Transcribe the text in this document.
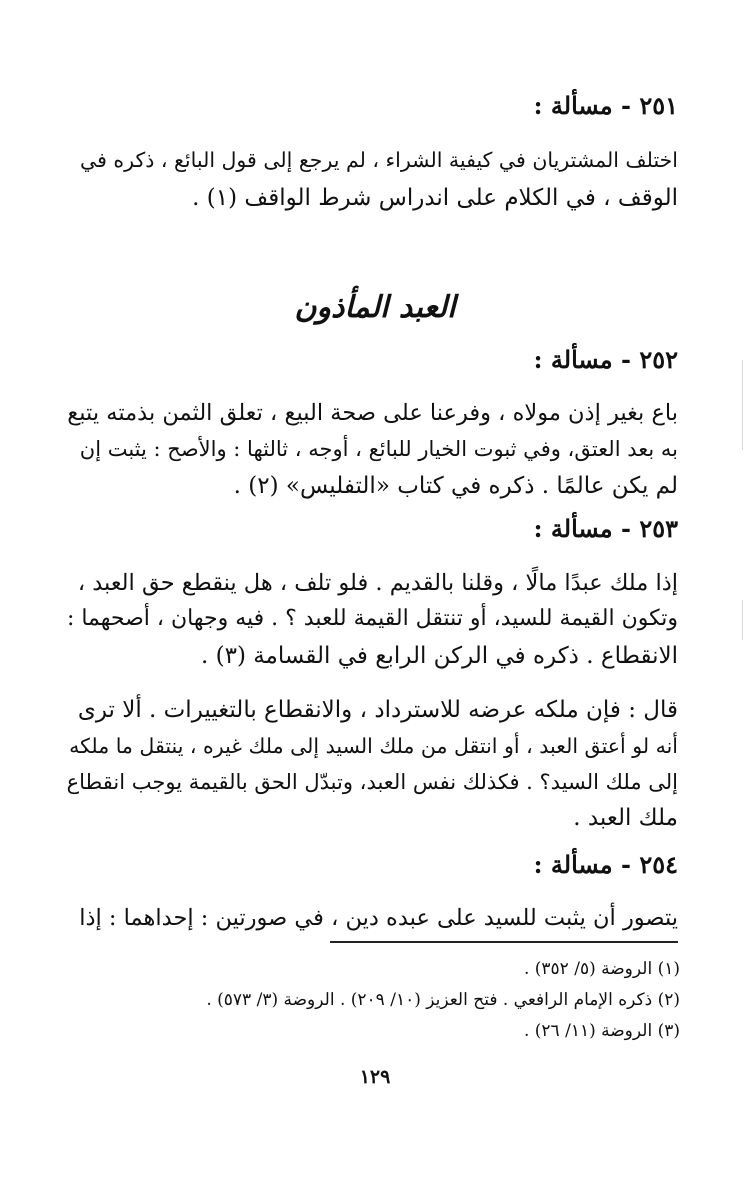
٢٥١ - مسألة :
اختلف المشتريان في كيفية الشراء ، لم يرجع إلى قول البائع ، ذكره في
الوقف ، في الكلام على اندراس شرط الواقف (١) .
العبد المأذون
٢٥٢ - مسألة :
باع بغير إذن مولاه ، وفرعنا على صحة البيع ، تعلق الثمن بذمته يتبع
به بعد العتق، وفي ثبوت الخيار للبائع ، أوجه ، ثالثها : والأصح : يثبت إن
لم يكن عالمًا . ذكره في كتاب «التفليس» (٢) .
٢٥٣ - مسألة :
إذا ملك عبدًا مالًا ، وقلنا بالقديم . فلو تلف ، هل ينقطع حق العبد ،
وتكون القيمة للسيد، أو تنتقل القيمة للعبد ؟ . فيه وجهان ، أصحهما :
الانقطاع . ذكره في الركن الرابع في القسامة (٣) .
قال : فإن ملكه عرضه للاسترداد ، والانقطاع بالتغييرات . ألا ترى
أنه لو أعتق العبد ، أو انتقل من ملك السيد إلى ملك غيره ، ينتقل ما ملكه
إلى ملك السيد؟ . فكذلك نفس العبد، وتبدّل الحق بالقيمة يوجب انقطاع
ملك العبد .
٢٥٤ - مسألة :
يتصور أن يثبت للسيد على عبده دين ، في صورتين : إحداهما : إذا
(١) الروضة (٥/ ٣٥٢) .
(٢) ذكره الإمام الرافعي . فتح العزيز (١٠/ ٢٠٩) . الروضة (٣/ ٥٧٣) .
(٣) الروضة (١١/ ٢٦) .
١٢٩
